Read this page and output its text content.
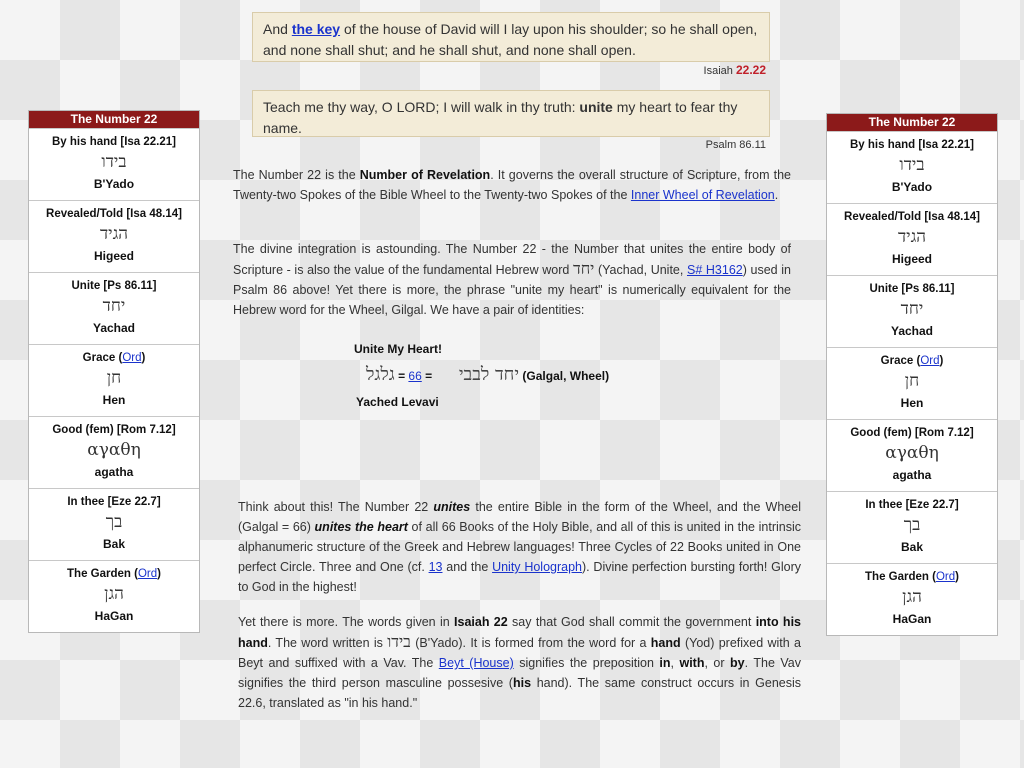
And the key of the house of David will I lay upon his shoulder; so he shall open, and none shall shut; and he shall shut, and none shall open.
Isaiah 22.22
Teach me thy way, O LORD; I will walk in thy truth: unite my heart to fear thy name.
Psalm 86.11
The Number 22
By his hand [Isa 22.21]
בידו
B'Yado
Revealed/Told [Isa 48.14]
הגיד
Higeed
Unite [Ps 86.11]
יחד
Yachad
Grace (Ord)
חן
Hen
Good (fem) [Rom 7.12]
αγαθη
agatha
In thee [Eze 22.7]
בך
Bak
The Garden (Ord)
הגן
HaGan
The Number 22
By his hand [Isa 22.21]
בידו
B'Yado
Revealed/Told [Isa 48.14]
הגיד
Higeed
Unite [Ps 86.11]
יחד
Yachad
Grace (Ord)
חן
Hen
Good (fem) [Rom 7.12]
αγαθη
agatha
In thee [Eze 22.7]
בך
Bak
The Garden (Ord)
הגן
HaGan
The Number 22 is the Number of Revelation. It governs the overall structure of Scripture, from the Twenty-two Spokes of the Bible Wheel to the Twenty-two Spokes of the Inner Wheel of Revelation.
The divine integration is astounding. The Number 22 - the Number that unites the entire body of Scripture - is also the value of the fundamental Hebrew word יחד (Yachad, Unite, S# H3162) used in Psalm 86 above! Yet there is more, the phrase "unite my heart" is numerically equivalent for the Hebrew word for the Wheel, Gilgal. We have a pair of identities:
Unite My Heart!
יחד לבבי  = 66 = גלגל	(Galgal, Wheel)
Yached Levavi
Think about this! The Number 22 unites the entire Bible in the form of the Wheel, and the Wheel (Galgal = 66) unites the heart of all 66 Books of the Holy Bible, and all of this is united in the intrinsic alphanumeric structure of the Greek and Hebrew languages! Three Cycles of 22 Books united in One perfect Circle. Three and One (cf. 13 and the Unity Holograph). Divine perfection bursting forth! Glory to God in the highest!
Yet there is more. The words given in Isaiah 22 say that God shall commit the government into his hand. The word written is בידו (B'Yado). It is formed from the word for a hand (Yod) prefixed with a Beyt and suffixed with a Vav. The Beyt (House) signifies the preposition in, with, or by. The Vav signifies the third person masculine possesive (his hand). The same construct occurs in Genesis 22.6, translated as "in his hand."
